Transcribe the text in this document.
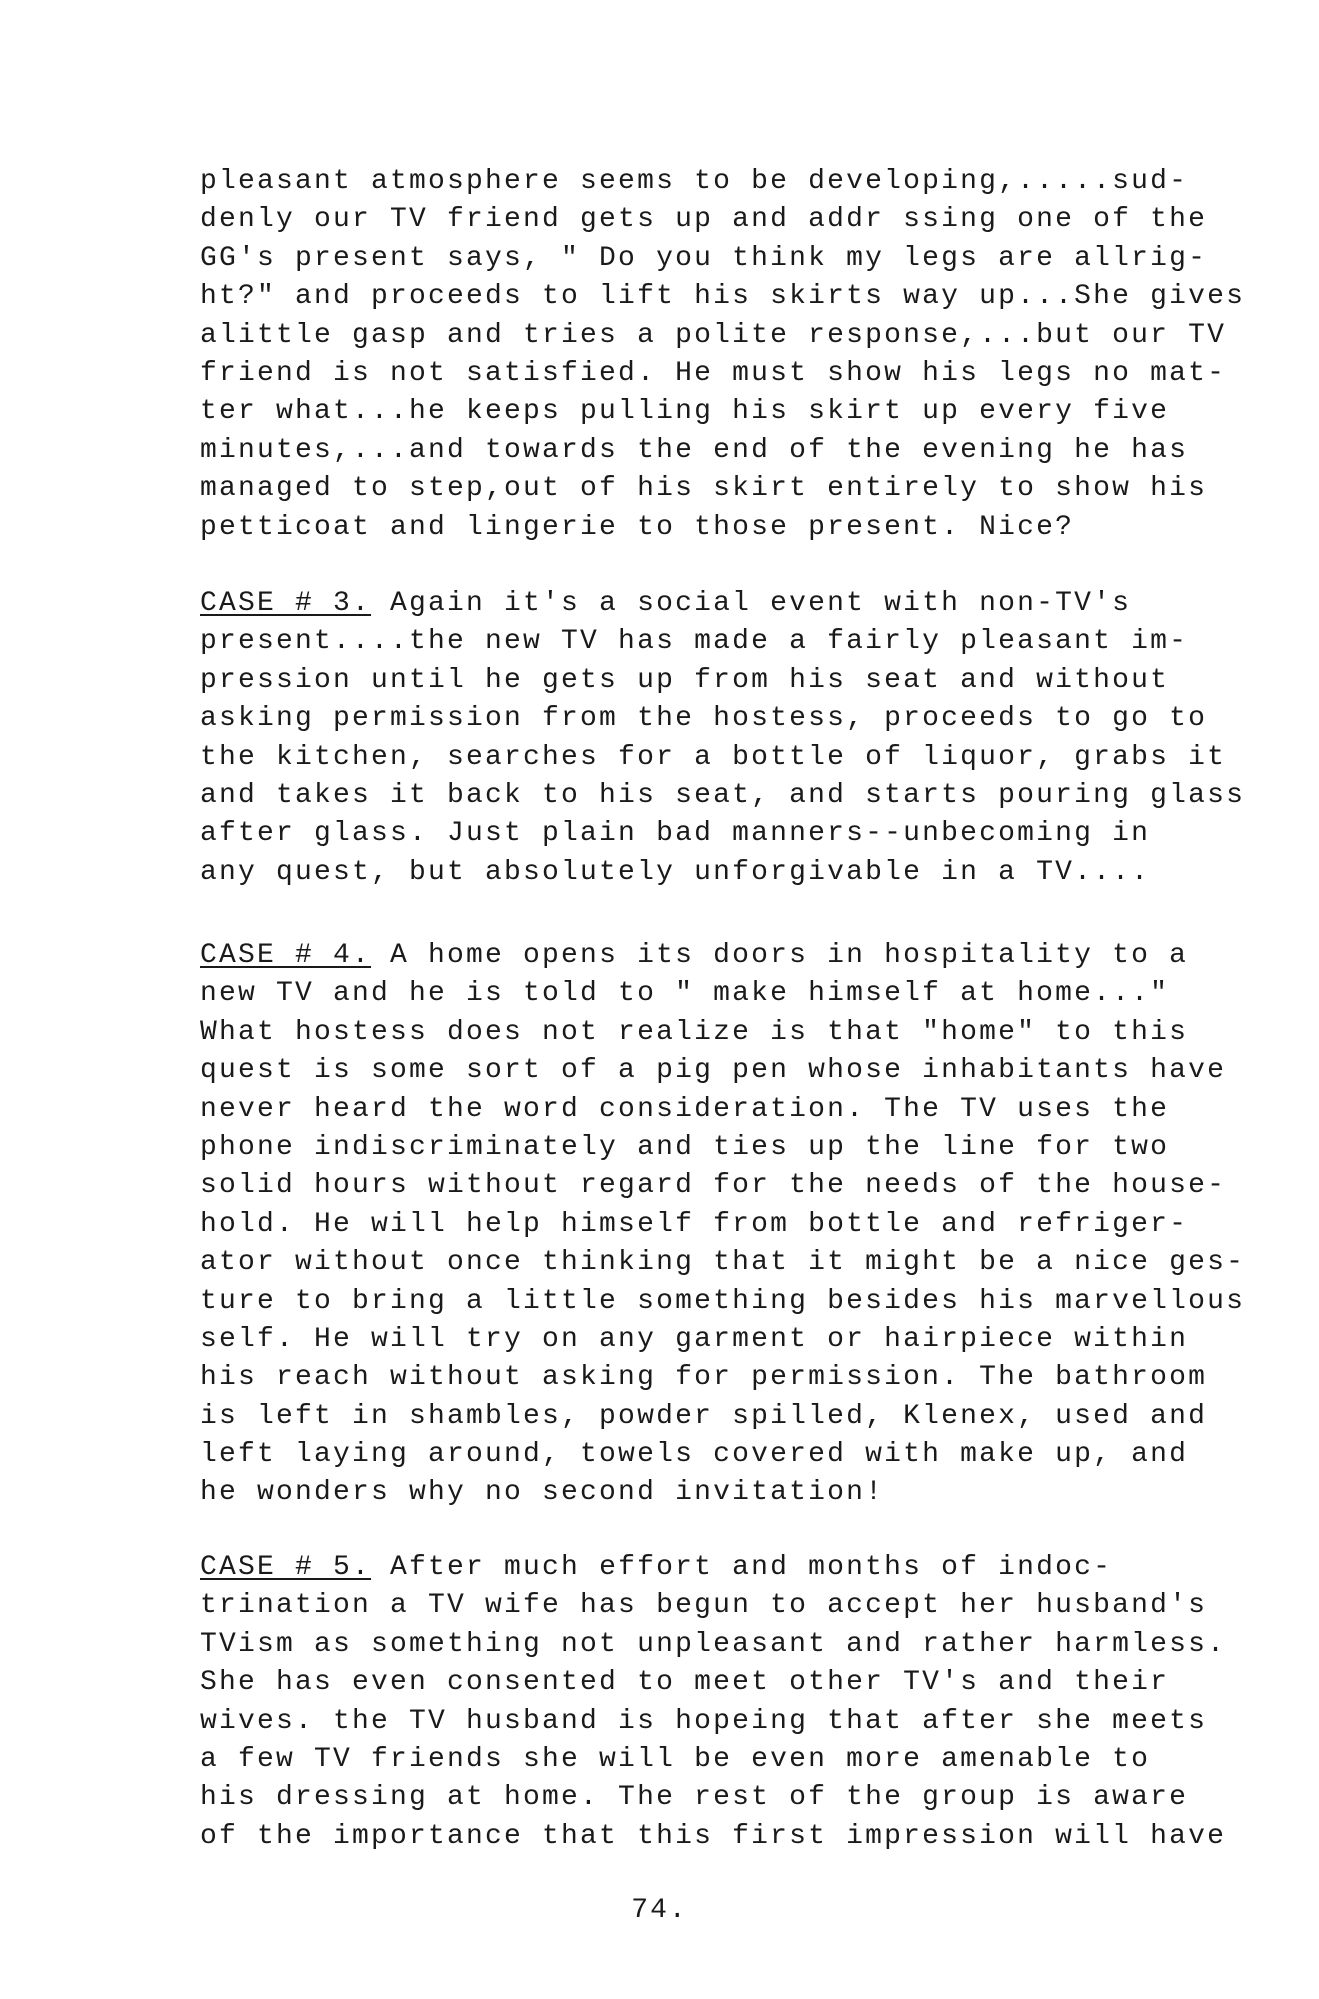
pleasant atmosphere seems to be developing,.....sud-
denly our TV friend gets up and addr ssing one of the
GG's present says, " Do you think my legs are allrig-
ht?" and proceeds to lift his skirts way up...She gives
alittle gasp and tries a polite response,...but our TV
friend is not satisfied. He must show his legs no mat-
ter what...he keeps pulling his skirt up every five
minutes,...and towards the end of the evening he has
managed to step,out of his skirt entirely to show his
petticoat and lingerie to those present. Nice?
CASE # 3. Again it's a social event with non-TV's
present....the new TV has made a fairly pleasant im-
pression until he gets up from his seat and without
asking permission from the hostess, proceeds to go to
the kitchen, searches for a bottle of liquor, grabs it
and takes it back to his seat, and starts pouring glass
after glass. Just plain bad manners--unbecoming in
any quest, but absolutely unforgivable in a TV....
CASE # 4. A home opens its doors in hospitality to a
new TV and he is told to " make himself at home..."
What hostess does not realize is that "home" to this
quest is some sort of a pig pen whose inhabitants have
never heard the word consideration. The TV uses the
phone indiscriminately and ties up the line for two
solid hours without regard for the needs of the house-
hold. He will help himself from bottle and refriger-
ator without once thinking that it might be a nice ges-
ture to bring a little something besides his marvellous
self. He will try on any garment or hairpiece within
his reach without asking for permission. The bathroom
is left in shambles, powder spilled, Klenex, used and
left laying around, towels covered with make up, and
he wonders why no second invitation!
CASE # 5. After much effort and months of indoc-
trination a TV wife has begun to accept her husband's
TVism as something not unpleasant and rather harmless.
She has even consented to meet other TV's and their
wives. the TV husband is hopeing that after she meets
a few TV friends she will be even more amenable to
his dressing at home. The rest of the group is aware
of the importance that this first impression will have
74.
